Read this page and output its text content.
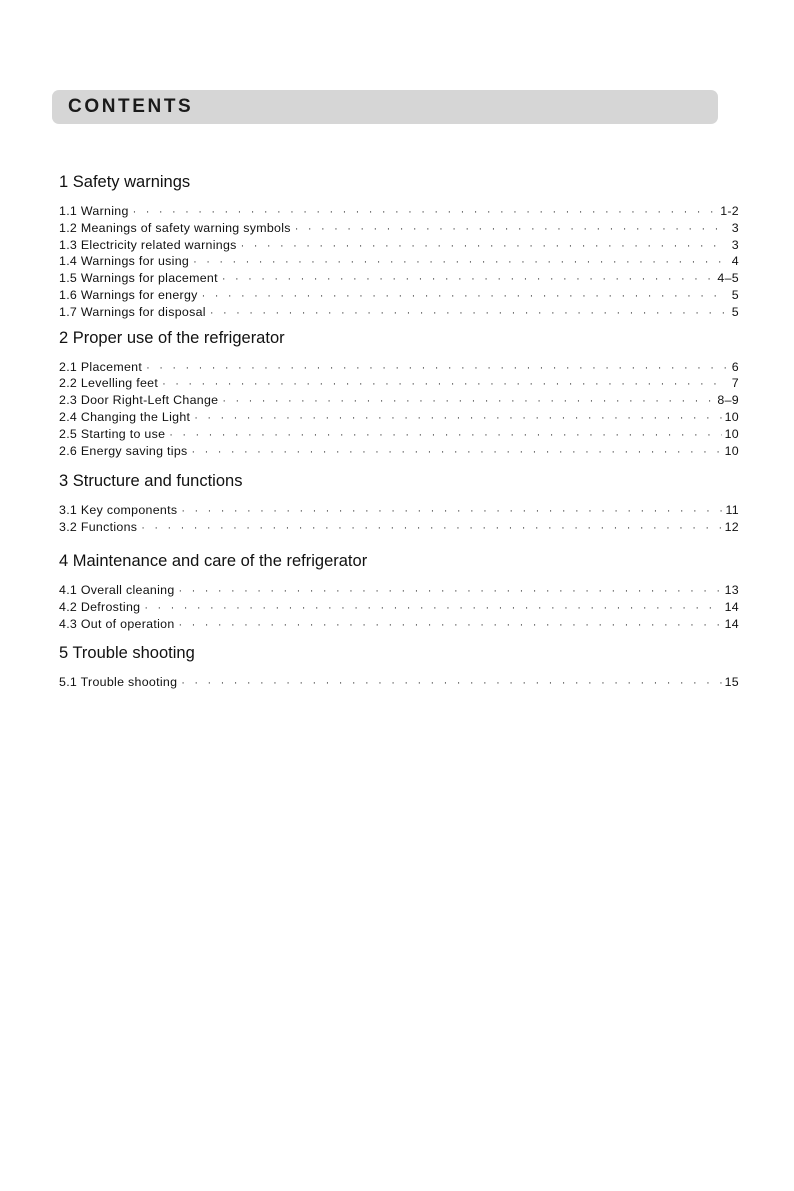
CONTENTS
1 Safety warnings
1.1 Warning · · ·	1-2
1.2 Meanings of safety warning symbols · · ·	3
1.3 Electricity related warnings · · ·	3
1.4 Warnings for using · · ·	4
1.5 Warnings for placement · · ·	4–5
1.6 Warnings for energy · · ·	5
1.7 Warnings for disposal · · ·	5
2 Proper use of the refrigerator
2.1 Placement · · ·	6
2.2 Levelling feet · · ·	7
2.3 Door Right-Left Change · · ·	8–9
2.4 Changing the Light · · ·	10
2.5 Starting to use · · ·	10
2.6 Energy saving tips · · ·	10
3 Structure and functions
3.1 Key components · · ·	11
3.2 Functions · · ·	12
4 Maintenance and care of the refrigerator
4.1 Overall cleaning · · ·	13
4.2 Defrosting · · ·	14
4.3 Out of operation · · ·	14
5 Trouble shooting
5.1 Trouble shooting · · ·	15
